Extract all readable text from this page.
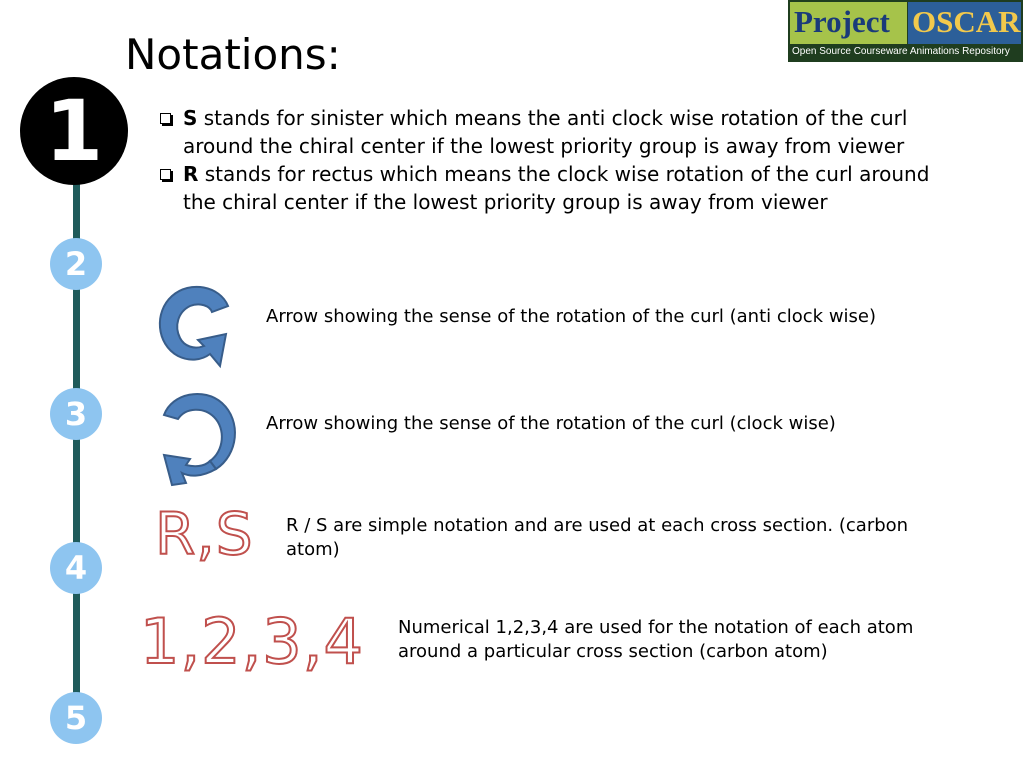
Notations:
Project OSCAR
Open Source Courseware Animations Repository
1
2
3
4
5
S stands for sinister which means the anti clock wise rotation of the curl around the chiral center if the lowest priority group is away from viewer
R stands for rectus which means the clock wise rotation of the curl around the chiral center if the lowest priority group is away from viewer
Arrow showing the sense of the rotation of the curl (anti clock wise)
Arrow showing the sense of the rotation of the curl (clock wise)
R,S R / S are simple notation and are used at each cross section. (carbon atom)
1,2,3,4 Numerical 1,2,3,4 are used for the notation of each atom around a particular cross section (carbon atom)
